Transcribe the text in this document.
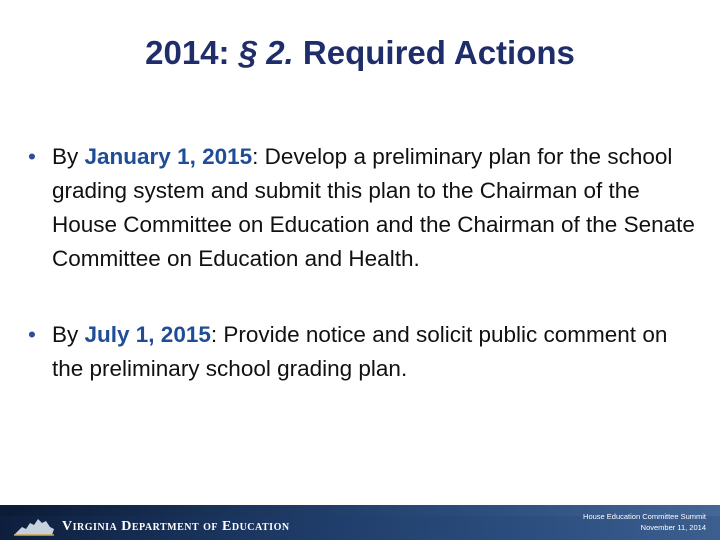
2014: § 2. Required Actions
• By January 1, 2015: Develop a preliminary plan for the school grading system and submit this plan to the Chairman of the House Committee on Education and the Chairman of the Senate Committee on Education and Health.
• By July 1, 2015: Provide notice and solicit public comment on the preliminary school grading plan.
Virginia Department of Education
House Education Committee Summit
November 11, 2014
